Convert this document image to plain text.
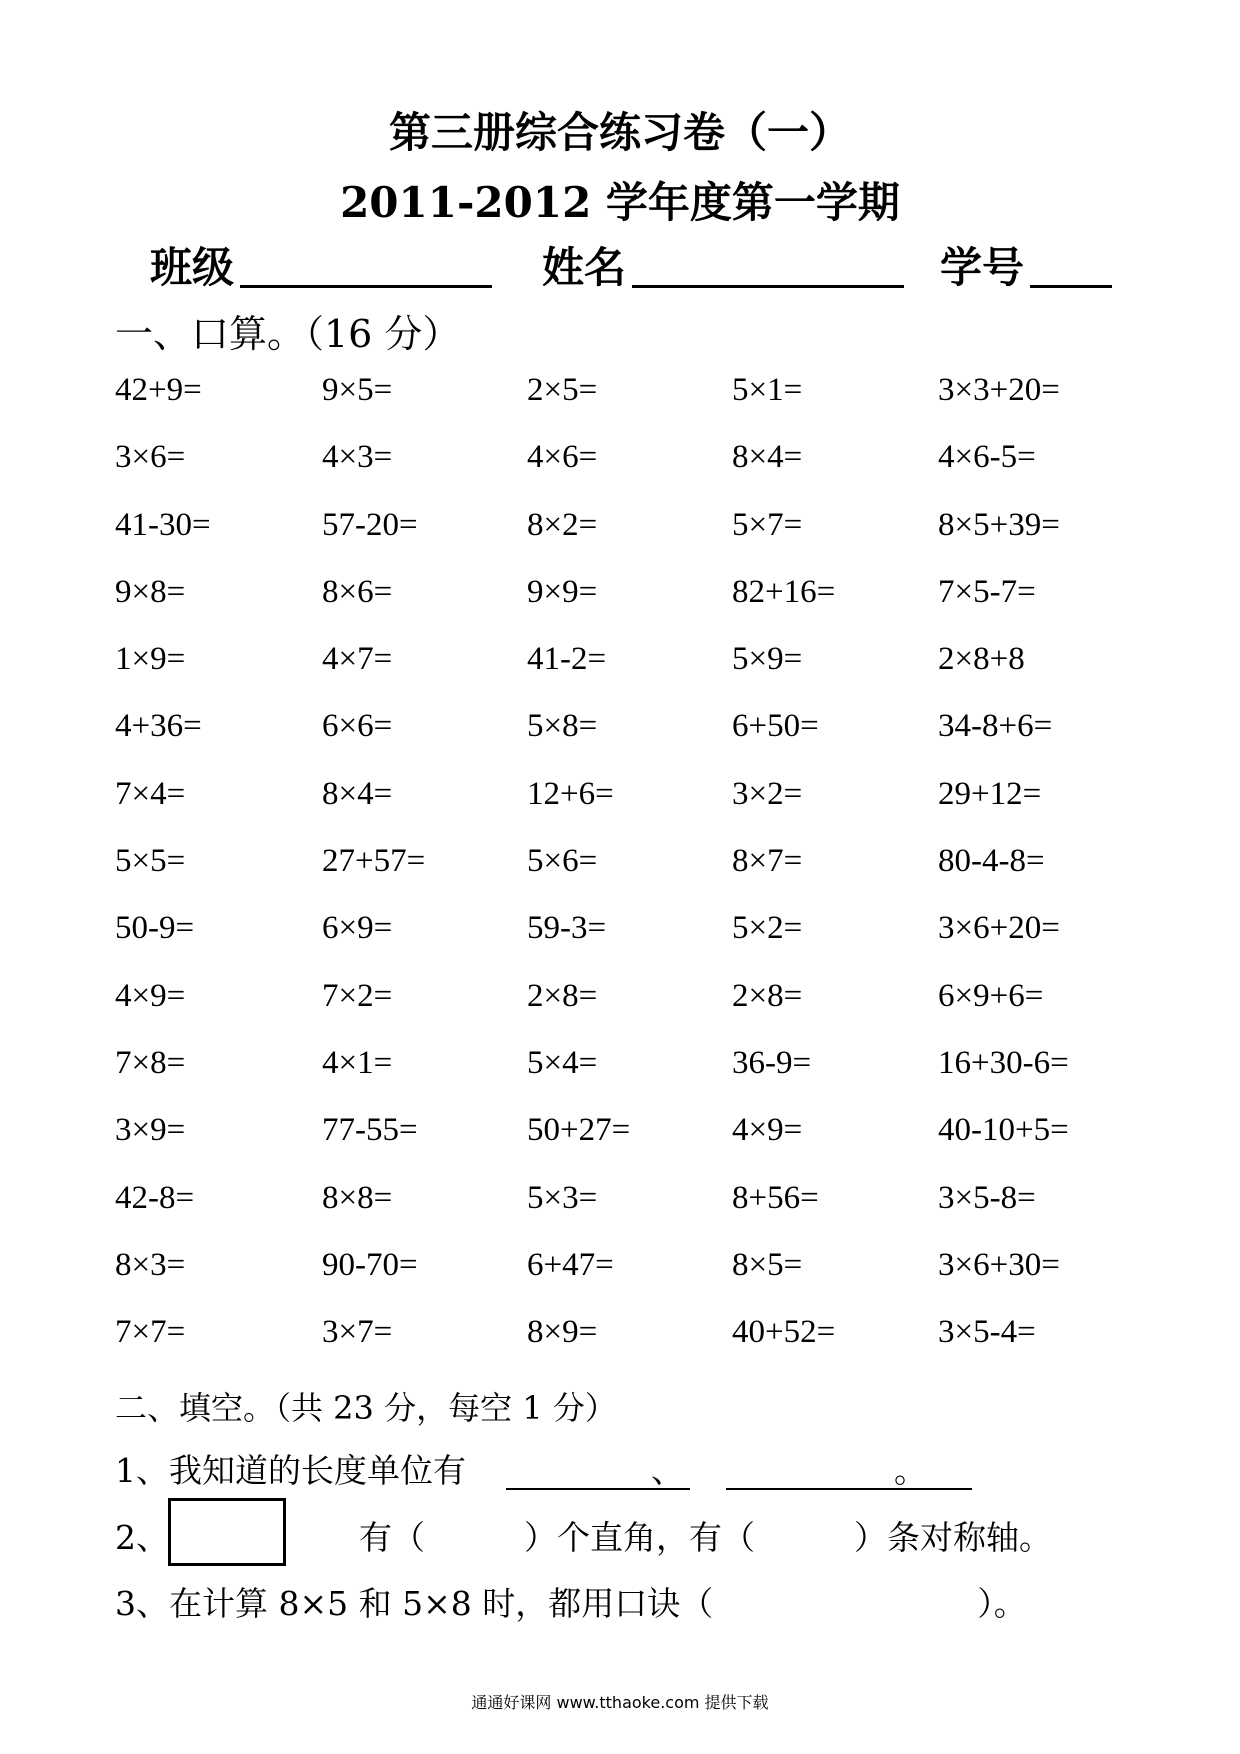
第三册综合练习卷（一）
2011-2012 学年度第一学期
班级	姓名	学号
一、口算。（16 分）
42+9=	9×5=	2×5=	5×1=	3×3+20=
3×6=	4×3=	4×6=	8×4=	4×6-5=
41-30=	57-20=	8×2=	5×7=	8×5+39=
9×8=	8×6=	9×9=	82+16=	7×5-7=
1×9=	4×7=	41-2=	5×9=	2×8+8
4+36=	6×6=	5×8=	6+50=	34-8+6=
7×4=	8×4=	12+6=	3×2=	29+12=
5×5=	27+57=	5×6=	8×7=	80-4-8=
50-9=	6×9=	59-3=	5×2=	3×6+20=
4×9=	7×2=	2×8=	2×8=	6×9+6=
7×8=	4×1=	5×4=	36-9=	16+30-6=
3×9=	77-55=	50+27=	4×9=	40-10+5=
42-8=	8×8=	5×3=	8+56=	3×5-8=
8×3=	90-70=	6+47=	8×5=	3×6+30=
7×7=	3×7=	8×9=	40+52=	3×5-4=
二、填空。（共 23 分，每空 1 分）
1、我知道的长度单位有	、	。
2、	有（　　　）个直角，有（　　　）条对称轴。
3、在计算 8×5 和 5×8 时，都用口诀（　　　　　　　　）。
通通好课网 www.tthaoke.com 提供下载
